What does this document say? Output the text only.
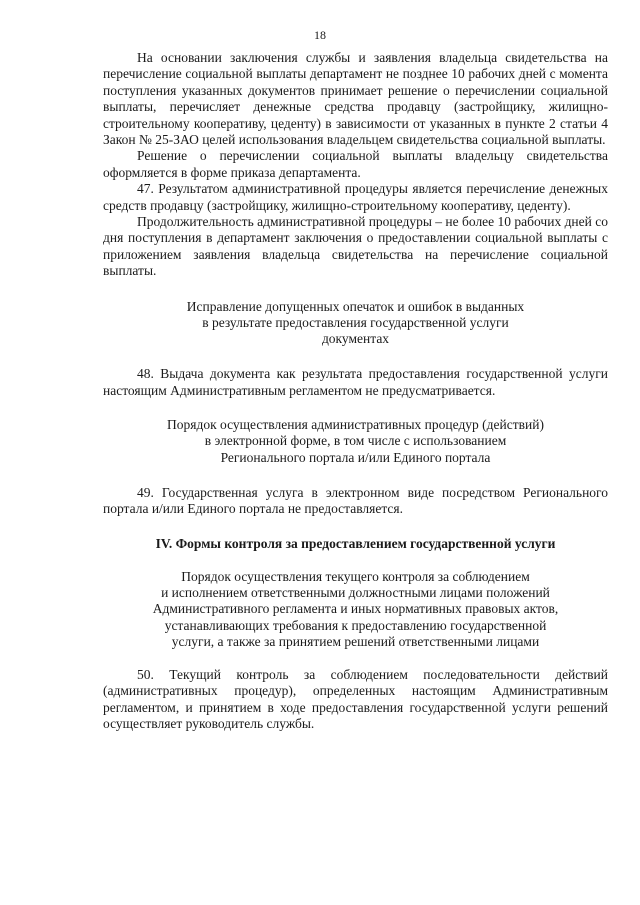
18

На основании заключения службы и заявления владельца свидетельства на перечисление социальной выплаты департамент не позднее 10 рабочих дней с момента поступления указанных документов принимает решение о перечислении социальной выплаты, перечисляет денежные средства продавцу (застройщику, жилищно-строительному кооперативу, цеденту) в зависимости от указанных в пункте 2 статьи 4 Закон № 25-ЗАО целей использования владельцем свидетельства социальной выплаты.

Решение о перечислении социальной выплаты владельцу свидетельства оформляется в форме приказа департамента.

47. Результатом административной процедуры является перечисление денежных средств продавцу (застройщику, жилищно-строительному кооперативу, цеденту).

Продолжительность административной процедуры – не более 10 рабочих дней со дня поступления в департамент заключения о предоставлении социальной выплаты с приложением заявления владельца свидетельства на перечисление социальной выплаты.

Исправление допущенных опечаток и ошибок в выданных
в результате предоставления государственной услуги
документах

48. Выдача документа как результата предоставления государственной услуги настоящим Административным регламентом не предусматривается.

Порядок осуществления административных процедур (действий)
в электронной форме, в том числе с использованием
Регионального портала и/или Единого портала

49. Государственная услуга в электронном виде посредством Регионального портала и/или Единого портала не предоставляется.

IV. Формы контроля за предоставлением государственной услуги

Порядок осуществления текущего контроля за соблюдением
и исполнением ответственными должностными лицами положений
Административного регламента и иных нормативных правовых актов,
устанавливающих требования к предоставлению государственной
услуги, а также за принятием решений ответственными лицами

50. Текущий контроль за соблюдением последовательности действий (административных процедур), определенных настоящим Административным регламентом, и принятием в ходе предоставления государственной услуги решений осуществляет руководитель службы.
